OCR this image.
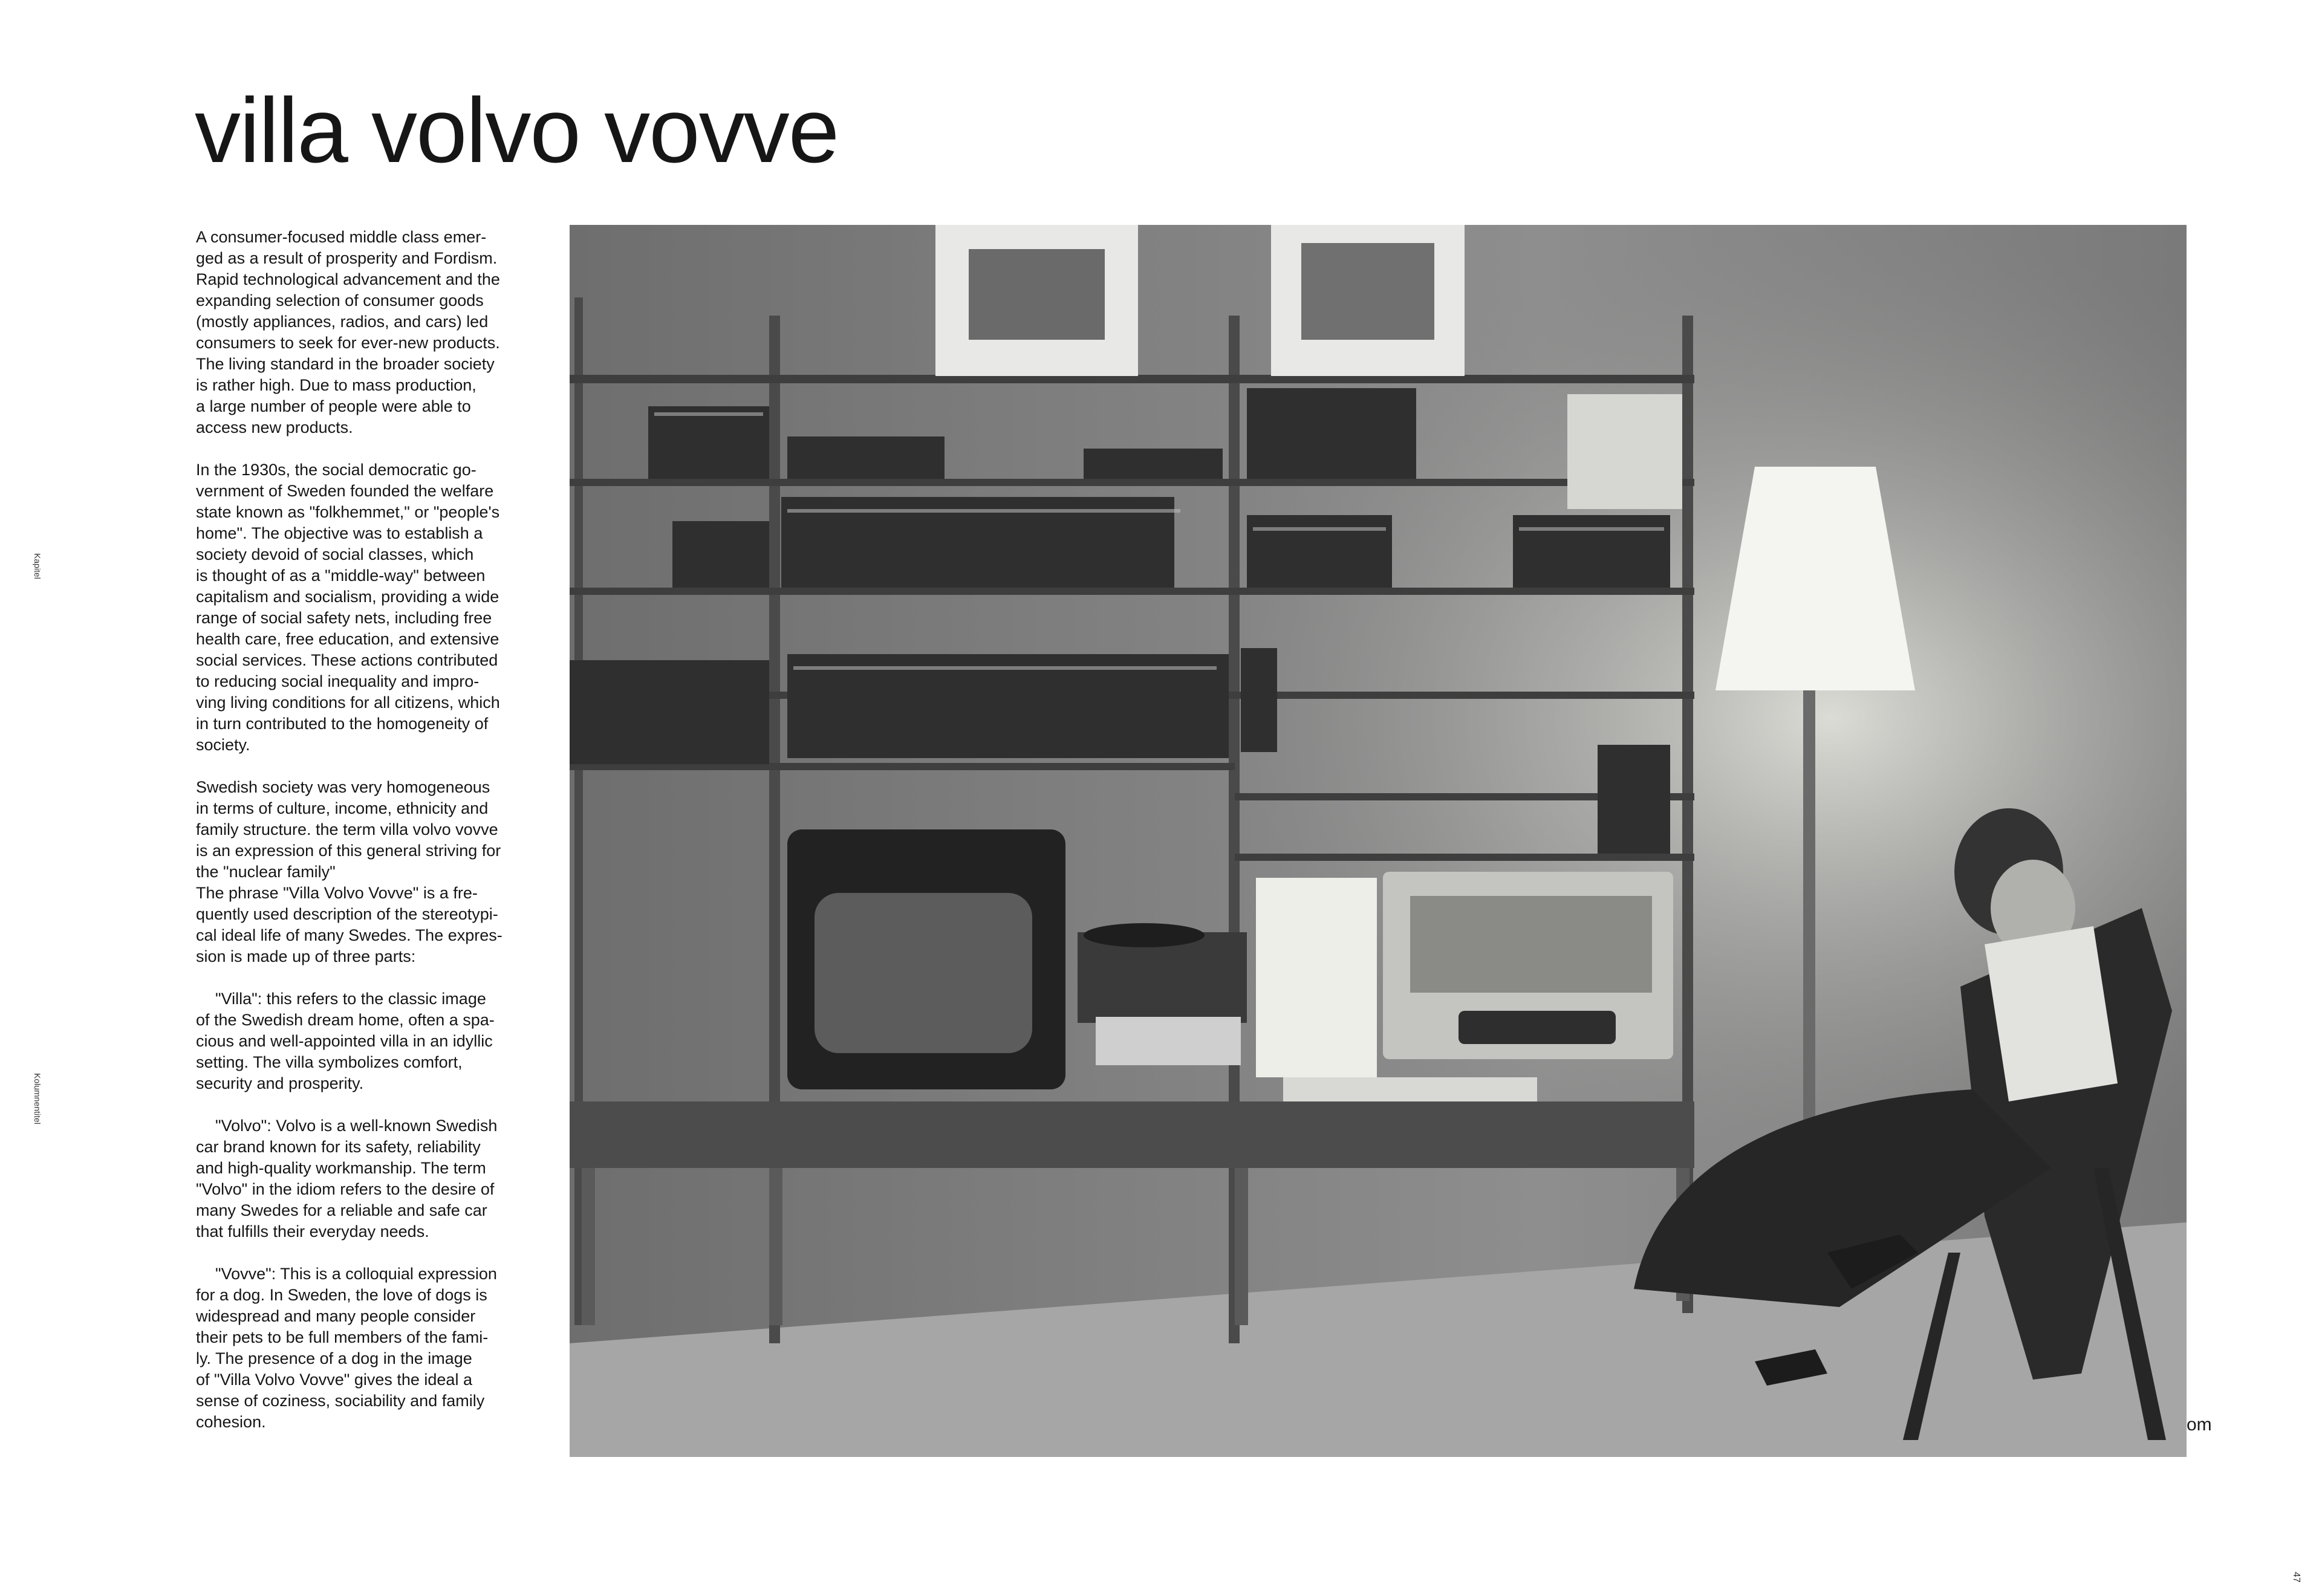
villa volvo vovve
Kapitel
Kolumnentitel

A consumer-focused middle class emer-
ged as a result of prosperity and Fordism.
Rapid technological advancement and the
expanding selection of consumer goods
(mostly appliances, radios, and cars) led
consumers to seek for ever-new products.
The living standard in the broader society
is rather high. Due to mass production,
a large number of people were able to
access new products.

In the 1930s, the social democratic go-
vernment of Sweden founded the welfare
state known as "folkhemmet," or "people's
home". The objective was to establish a
society devoid of social classes, which
is thought of as a "middle-way" between
capitalism and socialism, providing a wide
range of social safety nets, including free
health care, free education, and extensive
social services. These actions contributed
to reducing social inequality and impro-
ving living conditions for all citizens, which
in turn contributed to the homogeneity of
society.

Swedish society was very homogeneous
in terms of culture, income, ethnicity and
family structure. the term villa volvo vovve
is an expression of this general striving for
the "nuclear family"
The phrase "Villa Volvo Vovve" is a fre-
quently used description of the stereotypi-
cal ideal life of many Swedes. The expres-
sion is made up of three parts:

"Villa": this refers to the classic image
of the Swedish dream home, often a spa-
cious and well-appointed villa in an idyllic
setting. The villa symbolizes comfort,
security and prosperity.

"Volvo": Volvo is a well-known Swedish
car brand known for its safety, reliability
and high-quality workmanship. The term
"Volvo" in the idiom refers to the desire of
many Swedes for a reliable and safe car
that fulfills their everyday needs.

"Vovve": This is a colloquial expression
for a dog. In Sweden, the love of dogs is
widespread and many people consider
their pets to be full members of the fami-
ly. The presence of a dog in the image
of "Villa Volvo Vovve" gives the ideal a
sense of coziness, sociability and family
cohesion.	om
47
